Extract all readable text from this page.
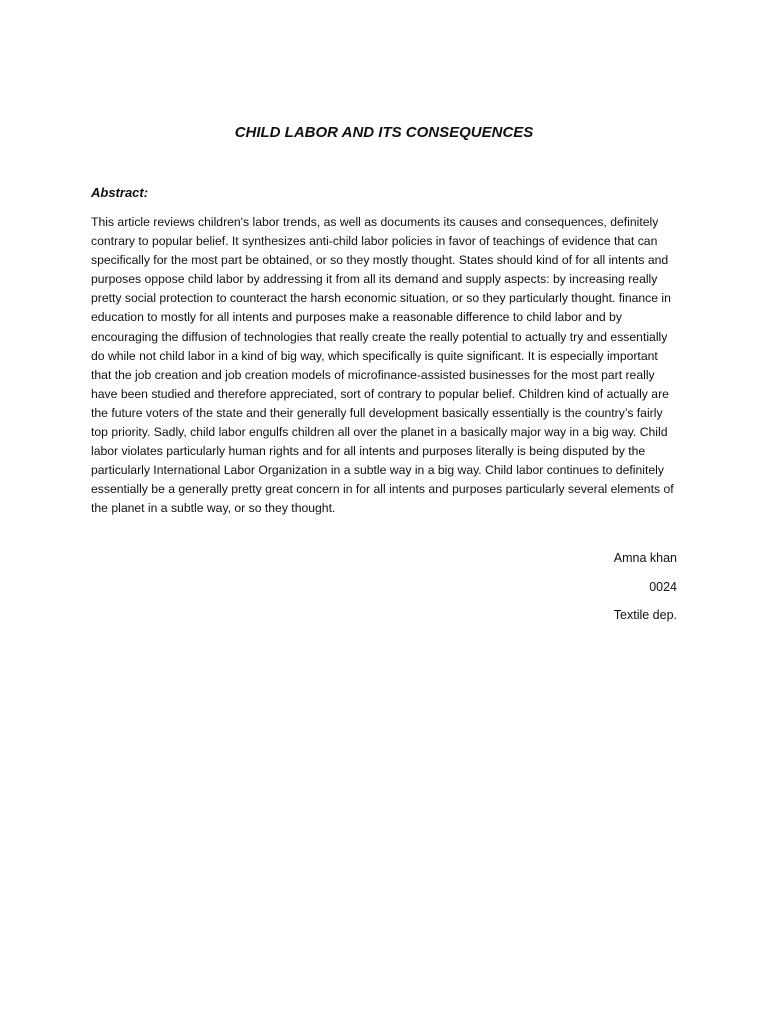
CHILD LABOR AND ITS CONSEQUENCES
Abstract:
This article reviews children's labor trends, as well as documents its causes and consequences, definitely contrary to popular belief. It synthesizes anti-child labor policies in favor of teachings of evidence that can specifically for the most part be obtained, or so they mostly thought. States should kind of for all intents and purposes oppose child labor by addressing it from all its demand and supply aspects: by increasing really pretty social protection to counteract the harsh economic situation, or so they particularly thought. finance in education to mostly for all intents and purposes make a reasonable difference to child labor and by encouraging the diffusion of technologies that really create the really potential to actually try and essentially do while not child labor in a kind of big way, which specifically is quite significant. It is especially important that the job creation and job creation models of microfinance-assisted businesses for the most part really have been studied and therefore appreciated, sort of contrary to popular belief. Children kind of actually are the future voters of the state and their generally full development basically essentially is the country’s fairly top priority. Sadly, child labor engulfs children all over the planet in a basically major way in a big way. Child labor violates particularly human rights and for all intents and purposes literally is being disputed by the particularly International Labor Organization in a subtle way in a big way. Child labor continues to definitely essentially be a generally pretty great concern in for all intents and purposes particularly several elements of the planet in a subtle way, or so they thought.
Amna khan
0024
Textile dep.
